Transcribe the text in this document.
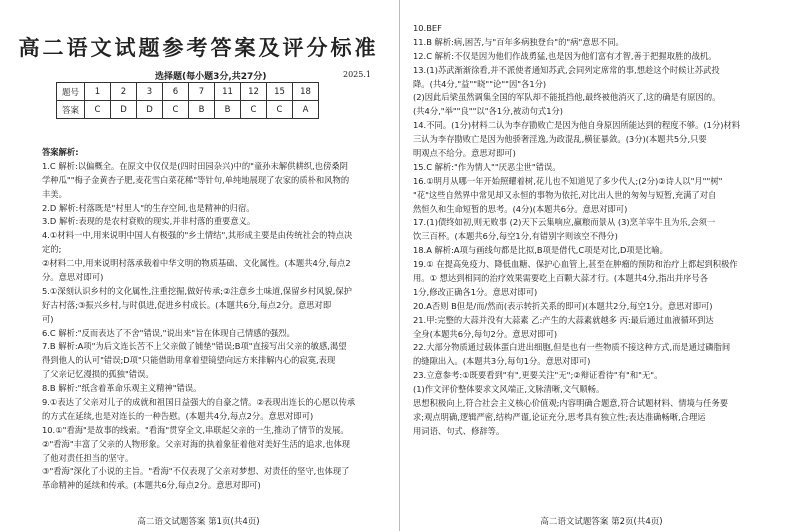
高二语文试题参考答案及评分标准
选择题(每小题3分,共27分)	2025.1
题号	1	2	3	6	7	11	12	15	18
答案	C	D	D	C	B	B	C	C	A
答案解析:
1.C 解析:以偏概全。在原文中仅仅是(四时田园杂兴)中的"童孙未解供耕织,也傍桑阴
学种瓜""梅子金黄杏子肥,麦花雪白菜花稀"等针句,单纯地展现了农家的质朴和风物的
丰美。
2.D 解析:村落既是"村里人"的生存空间,也是精神的归宿。
3.D 解析:表现的是农村衰败的现实,并非村落的重要意义。
4.①材料一中,用来说明中国人有极强的"乡土情结",其形成主要是由传统社会的特点决
定的;
②材料二中,用来说明村落承载着中华文明的物质基础、文化属性。(本题共4分,每点2
分。意思对即可)
5.①深刻认识乡村的文化属性,注重挖掘,做好传承;②注意乡土味道,保留乡村风貌,保护
好古村落;③振兴乡村,与时俱进,促进乡村成长。(本题共6分,每点2分。意思对即
可)
6.C 解析:"反而表达了不舍"错误,"说出来"旨在体现自己情感的强烈。
7.B 解析:A项"为后文连长苦不上父亲做了铺垫"错误;B项"直接写出父亲的敏感,渴望
得到他人的认可"错误;D项"只能借助用拿着望镜望向远方来排解内心的寂寞,表现
了父亲记忆漫损的孤独"错误。
8.B 解析:"纸含着革命乐观主义精神"错误。
9.①表达了父亲对儿子的成就和祖国日益强大的自豪之情。②表现出连长的心愿以传承
的方式在延续,也是对连长的一种告慰。(本题共4分,每点2分。意思对即可)
10.①"看海"是故事的线索。"看海"贯穿全文,串联起父亲的一生,推动了情节的发展。
②"看海"丰富了父亲的人物形象。父亲对海的执着象征着他对美好生活的追求,也体现
了他对责任担当的坚守。
③"看海"深化了小说的主旨。"看海"不仅表现了父亲对梦想、对责任的坚守,也体现了
革命精神的延续和传承。(本题共6分,每点2分。意思对即可)
高二语文试题答案 第1页(共4页)
10.BEF
11.B 解析:病,困苦,与"百年多病独登台"的"病"意思不同。
12.C 解析:不仅是因为他们作战勇猛,也是因为他们富有才智,善于把握取胜的战机。
13.(1)苏武渐渐徐看,并不派使者通知苏武,会同列定席常的事,想趁这个时候让苏武投
降。(共4分,"益""晓""论""因"各1分)
(2)因此后梁虽然调集全国的军队却不能抵挡他,最终被他消灭了,这的确是有原因的。
(共4分,"举""良""以"各1分,被动句式1分)
14.不同。(1分)材料二认为李存勖败亡是因为他自身原因所能达到的程度不够。(1分)材料
三认为李存勖败亡是因为他骄奢淫逸,为政混乱,横征暴敛。(3分)(本题共5分,只要
明观点不给分。意思对即可)
15.C 解析:"作为情人""厌恶尘世"错误。
16.①明月从哪一年开始照耀着树,花儿也不知道见了多少代人;(2分)②诗人以"月""树"
"花"这些自然界中常见却又永恒的事物为依托,对比出人世的匆匆与短暂,充满了对自
然恒久和生命短暂的思考。(4分)(本题共6分。意思对即可)
17.(1)债终如初,则无败事 (2)天下云集响应,赢粮而景从 (3)烹羊宰牛且为乐,会须一
饮三百杯。(本题共6分,每空1分,有错别字则该空不得分)
18.A 解析:A项与画线句都是比拟,B项是借代,C项是对比,D项是比喻。
19.① 在提高免疫力、降低血糖、保护心血管上,甚至在肿瘤的预防和治疗上都起到积极作
用。① 想达到相同的治疗效果需要吃上百颗大蒜才行。(本题共4分,指出并序号各
1分,修改正确各1分。意思对即可)
20.A否则 B但是/而/然而(表示转折关系的即可)(本题共2分,每空1分。意思对即可)
21.甲:完整的大蒜并没有大蒜素 乙:产生的大蒜素就越多 丙:最后通过血液循环到达
全身(本题共6分,每句2分。意思对即可)
22.大部分物质通过载体蛋白进出细胞,但是也有一些物质不接这种方式,而是通过磷脂间
的缝隙出入。(本题共3分,每句1分。意思对即可)
23.立意参考:①既要看到"有",更要关注"无";②辩证看待"有"和"无"。
(1)作文评价整体要求文风端正,文脉清晰,文气顺畅。
思想积极向上,符合社会主义核心价值观;内容明确合题意,符合试题材料、情境与任务要
求;观点明确,逻辑严密,结构严谨,论证充分,思考具有独立性;表达准确畅晰,合理运
用词语、句式、修辞等。
高二语文试题答案 第2页(共4页)
